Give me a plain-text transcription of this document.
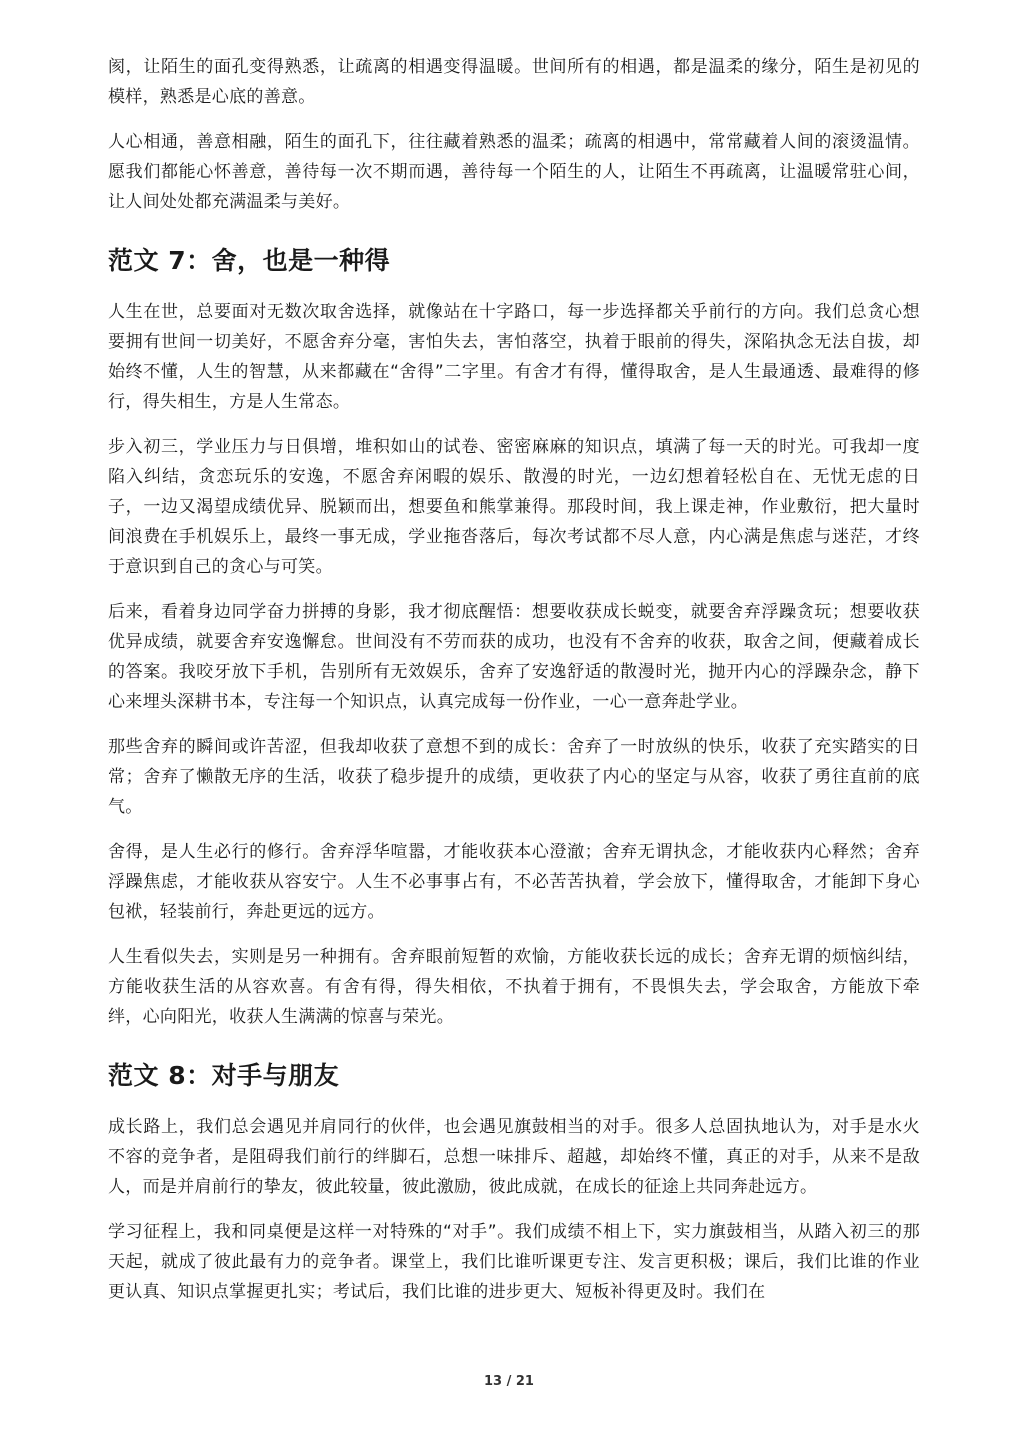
阂，让陌生的面孔变得熟悉，让疏离的相遇变得温暖。世间所有的相遇，都是温柔的缘分，陌生是初见的模样，熟悉是心底的善意。

人心相通，善意相融，陌生的面孔下，往往藏着熟悉的温柔；疏离的相遇中，常常藏着人间的滚烫温情。愿我们都能心怀善意，善待每一次不期而遇，善待每一个陌生的人，让陌生不再疏离，让温暖常驻心间，让人间处处都充满温柔与美好。

范文 7：舍，也是一种得

人生在世，总要面对无数次取舍选择，就像站在十字路口，每一步选择都关乎前行的方向。我们总贪心想要拥有世间一切美好，不愿舍弃分毫，害怕失去，害怕落空，执着于眼前的得失，深陷执念无法自拔，却始终不懂，人生的智慧，从来都藏在“舍得”二字里。有舍才有得，懂得取舍，是人生最通透、最难得的修行，得失相生，方是人生常态。

步入初三，学业压力与日俱增，堆积如山的试卷、密密麻麻的知识点，填满了每一天的时光。可我却一度陷入纠结，贪恋玩乐的安逸，不愿舍弃闲暇的娱乐、散漫的时光，一边幻想着轻松自在、无忧无虑的日子，一边又渴望成绩优异、脱颖而出，想要鱼和熊掌兼得。那段时间，我上课走神，作业敷衍，把大量时间浪费在手机娱乐上，最终一事无成，学业拖沓落后，每次考试都不尽人意，内心满是焦虑与迷茫，才终于意识到自己的贪心与可笑。

后来，看着身边同学奋力拼搏的身影，我才彻底醒悟：想要收获成长蜕变，就要舍弃浮躁贪玩；想要收获优异成绩，就要舍弃安逸懈怠。世间没有不劳而获的成功，也没有不舍弃的收获，取舍之间，便藏着成长的答案。我咬牙放下手机，告别所有无效娱乐，舍弃了安逸舒适的散漫时光，抛开内心的浮躁杂念，静下心来埋头深耕书本，专注每一个知识点，认真完成每一份作业，一心一意奔赴学业。

那些舍弃的瞬间或许苦涩，但我却收获了意想不到的成长：舍弃了一时放纵的快乐，收获了充实踏实的日常；舍弃了懒散无序的生活，收获了稳步提升的成绩，更收获了内心的坚定与从容，收获了勇往直前的底气。

舍得，是人生必行的修行。舍弃浮华喧嚣，才能收获本心澄澈；舍弃无谓执念，才能收获内心释然；舍弃浮躁焦虑，才能收获从容安宁。人生不必事事占有，不必苦苦执着，学会放下，懂得取舍，才能卸下身心包袱，轻装前行，奔赴更远的远方。

人生看似失去，实则是另一种拥有。舍弃眼前短暂的欢愉，方能收获长远的成长；舍弃无谓的烦恼纠结，方能收获生活的从容欢喜。有舍有得，得失相依，不执着于拥有，不畏惧失去，学会取舍，方能放下牵绊，心向阳光，收获人生满满的惊喜与荣光。

范文 8：对手与朋友

成长路上，我们总会遇见并肩同行的伙伴，也会遇见旗鼓相当的对手。很多人总固执地认为，对手是水火不容的竞争者，是阻碍我们前行的绊脚石，总想一味排斥、超越，却始终不懂，真正的对手，从来不是敌人，而是并肩前行的挚友，彼此较量，彼此激励，彼此成就，在成长的征途上共同奔赴远方。

学习征程上，我和同桌便是这样一对特殊的“对手”。我们成绩不相上下，实力旗鼓相当，从踏入初三的那天起，就成了彼此最有力的竞争者。课堂上，我们比谁听课更专注、发言更积极；课后，我们比谁的作业更认真、知识点掌握更扎实；考试后，我们比谁的进步更大、短板补得更及时。我们在

13 / 21
